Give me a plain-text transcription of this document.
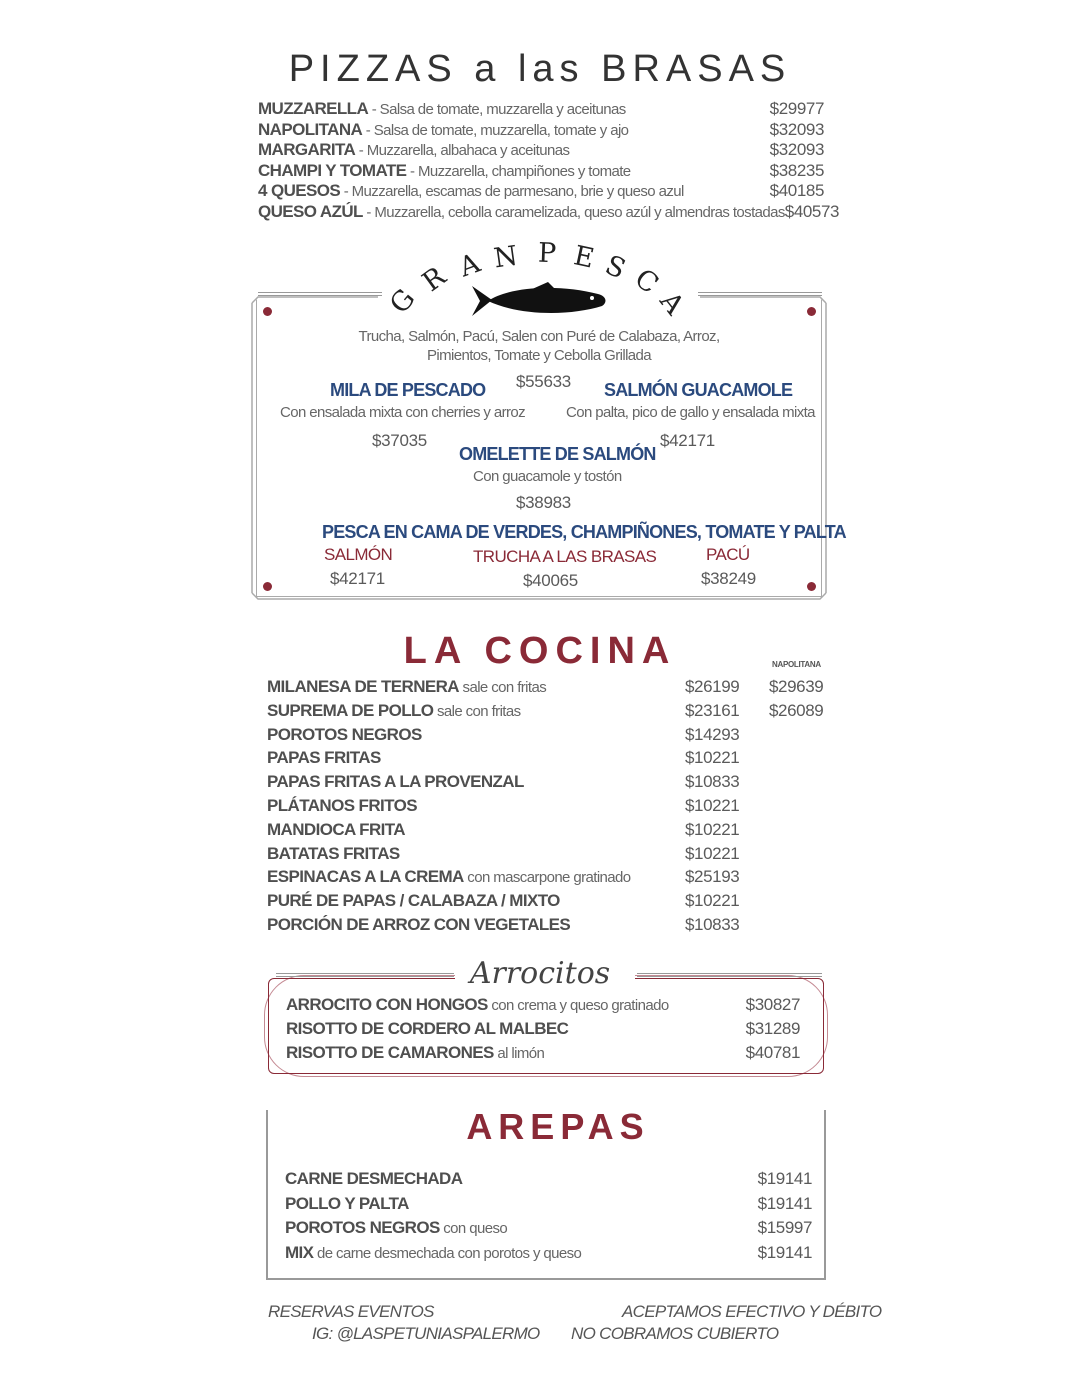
PIZZAS a las BRASAS
MUZZARELLA - Salsa de tomate, muzzarella y aceitunas	$29977
NAPOLITANA - Salsa de tomate, muzzarella, tomate y ajo	$32093
MARGARITA - Muzzarella, albahaca y aceitunas	$32093
CHAMPI Y TOMATE - Muzzarella, champiñones y tomate	$38235
4 QUESOS - Muzzarella, escamas de parmesano, brie y queso azul	$40185
QUESO AZÚL - Muzzarella, cebolla caramelizada, queso azúl y almendras tostadas $40573
G
R A N P E S
C
A
Trucha, Salmón, Pacú, Salen con Puré de Calabaza, Arroz,
Pimientos, Tomate y Cebolla Grillada
$55633
MILA DE PESCADO
Con ensalada mixta con cherries y arroz
$37035
SALMÓN GUACAMOLE
Con palta, pico de gallo y ensalada mixta
$42171
OMELETTE DE SALMÓN
Con guacamole y tostón
$38983
PESCA EN CAMA DE VERDES, CHAMPIÑONES, TOMATE Y PALTA
SALMÓN
$42171
TRUCHA A LAS BRASAS
$40065
PACÚ
$38249
LA COCINA	NAPOLITANA
MILANESA DE TERNERA sale con fritas	$26199 $29639
SUPREMA DE POLLO sale con fritas	$23161 $26089
POROTOS NEGROS	$14293
PAPAS FRITAS	$10221
PAPAS FRITAS A LA PROVENZAL	$10833
PLÁTANOS FRITOS	$10221
MANDIOCA FRITA	$10221
BATATAS FRITAS	$10221
ESPINACAS A LA CREMA con mascarpone gratinado	$25193
PURÉ DE PAPAS / CALABAZA / MIXTO	$10221
PORCIÓN DE ARROZ CON VEGETALES	$10833
Arrocitos
ARROCITO CON HONGOS con crema y queso gratinado	$30827
RISOTTO DE CORDERO AL MALBEC	$31289
RISOTTO DE CAMARONES al limón	$40781
AREPAS
CARNE DESMECHADA	$19141
POLLO Y PALTA	$19141
POROTOS NEGROS con queso	$15997
MIX de carne desmechada con porotos y queso	$19141
RESERVAS EVENTOS
IG: @LASPETUNIASPALERMO
ACEPTAMOS EFECTIVO Y DÉBITO
NO COBRAMOS CUBIERTO
